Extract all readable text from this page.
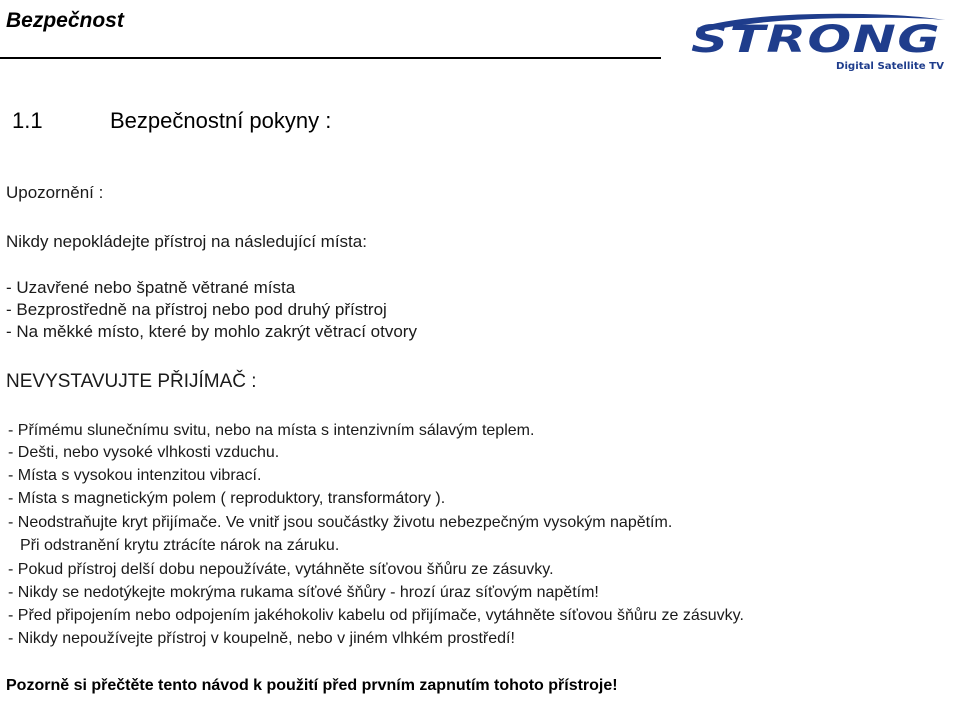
Bezpečnost	STRONG
Digital Satellite TV
1.1	Bezpečnostní pokyny :
Upozornění :
Nikdy nepokládejte přístroj na následující místa:
- Uzavřené nebo špatně větrané místa
- Bezprostředně na přístroj nebo pod druhý přístroj
- Na měkké místo, které by mohlo zakrýt větrací otvory
NEVYSTAVUJTE PŘIJÍMAČ :
- Přímému slunečnímu svitu, nebo na místa s intenzivním sálavým teplem.
- Dešti, nebo vysoké vlhkosti vzduchu.
- Místa s vysokou intenzitou vibrací.
- Místa s magnetickým polem ( reproduktory, transformátory ).
- Neodstraňujte kryt přijímače. Ve vnitř jsou součástky životu nebezpečným vysokým napětím.
Při odstranění krytu ztrácíte nárok na záruku.
- Pokud přístroj delší dobu nepoužíváte, vytáhněte síťovou šňůru ze zásuvky.
- Nikdy se nedotýkejte mokrýma rukama síťové šňůry - hrozí úraz síťovým napětím!
- Před připojením nebo odpojením jakéhokoliv kabelu od přijímače, vytáhněte síťovou šňůru ze zásuvky.
- Nikdy nepoužívejte přístroj v koupelně, nebo v jiném vlhkém prostředí!
Pozorně si přečtěte tento návod k použití před prvním zapnutím tohoto přístroje!
